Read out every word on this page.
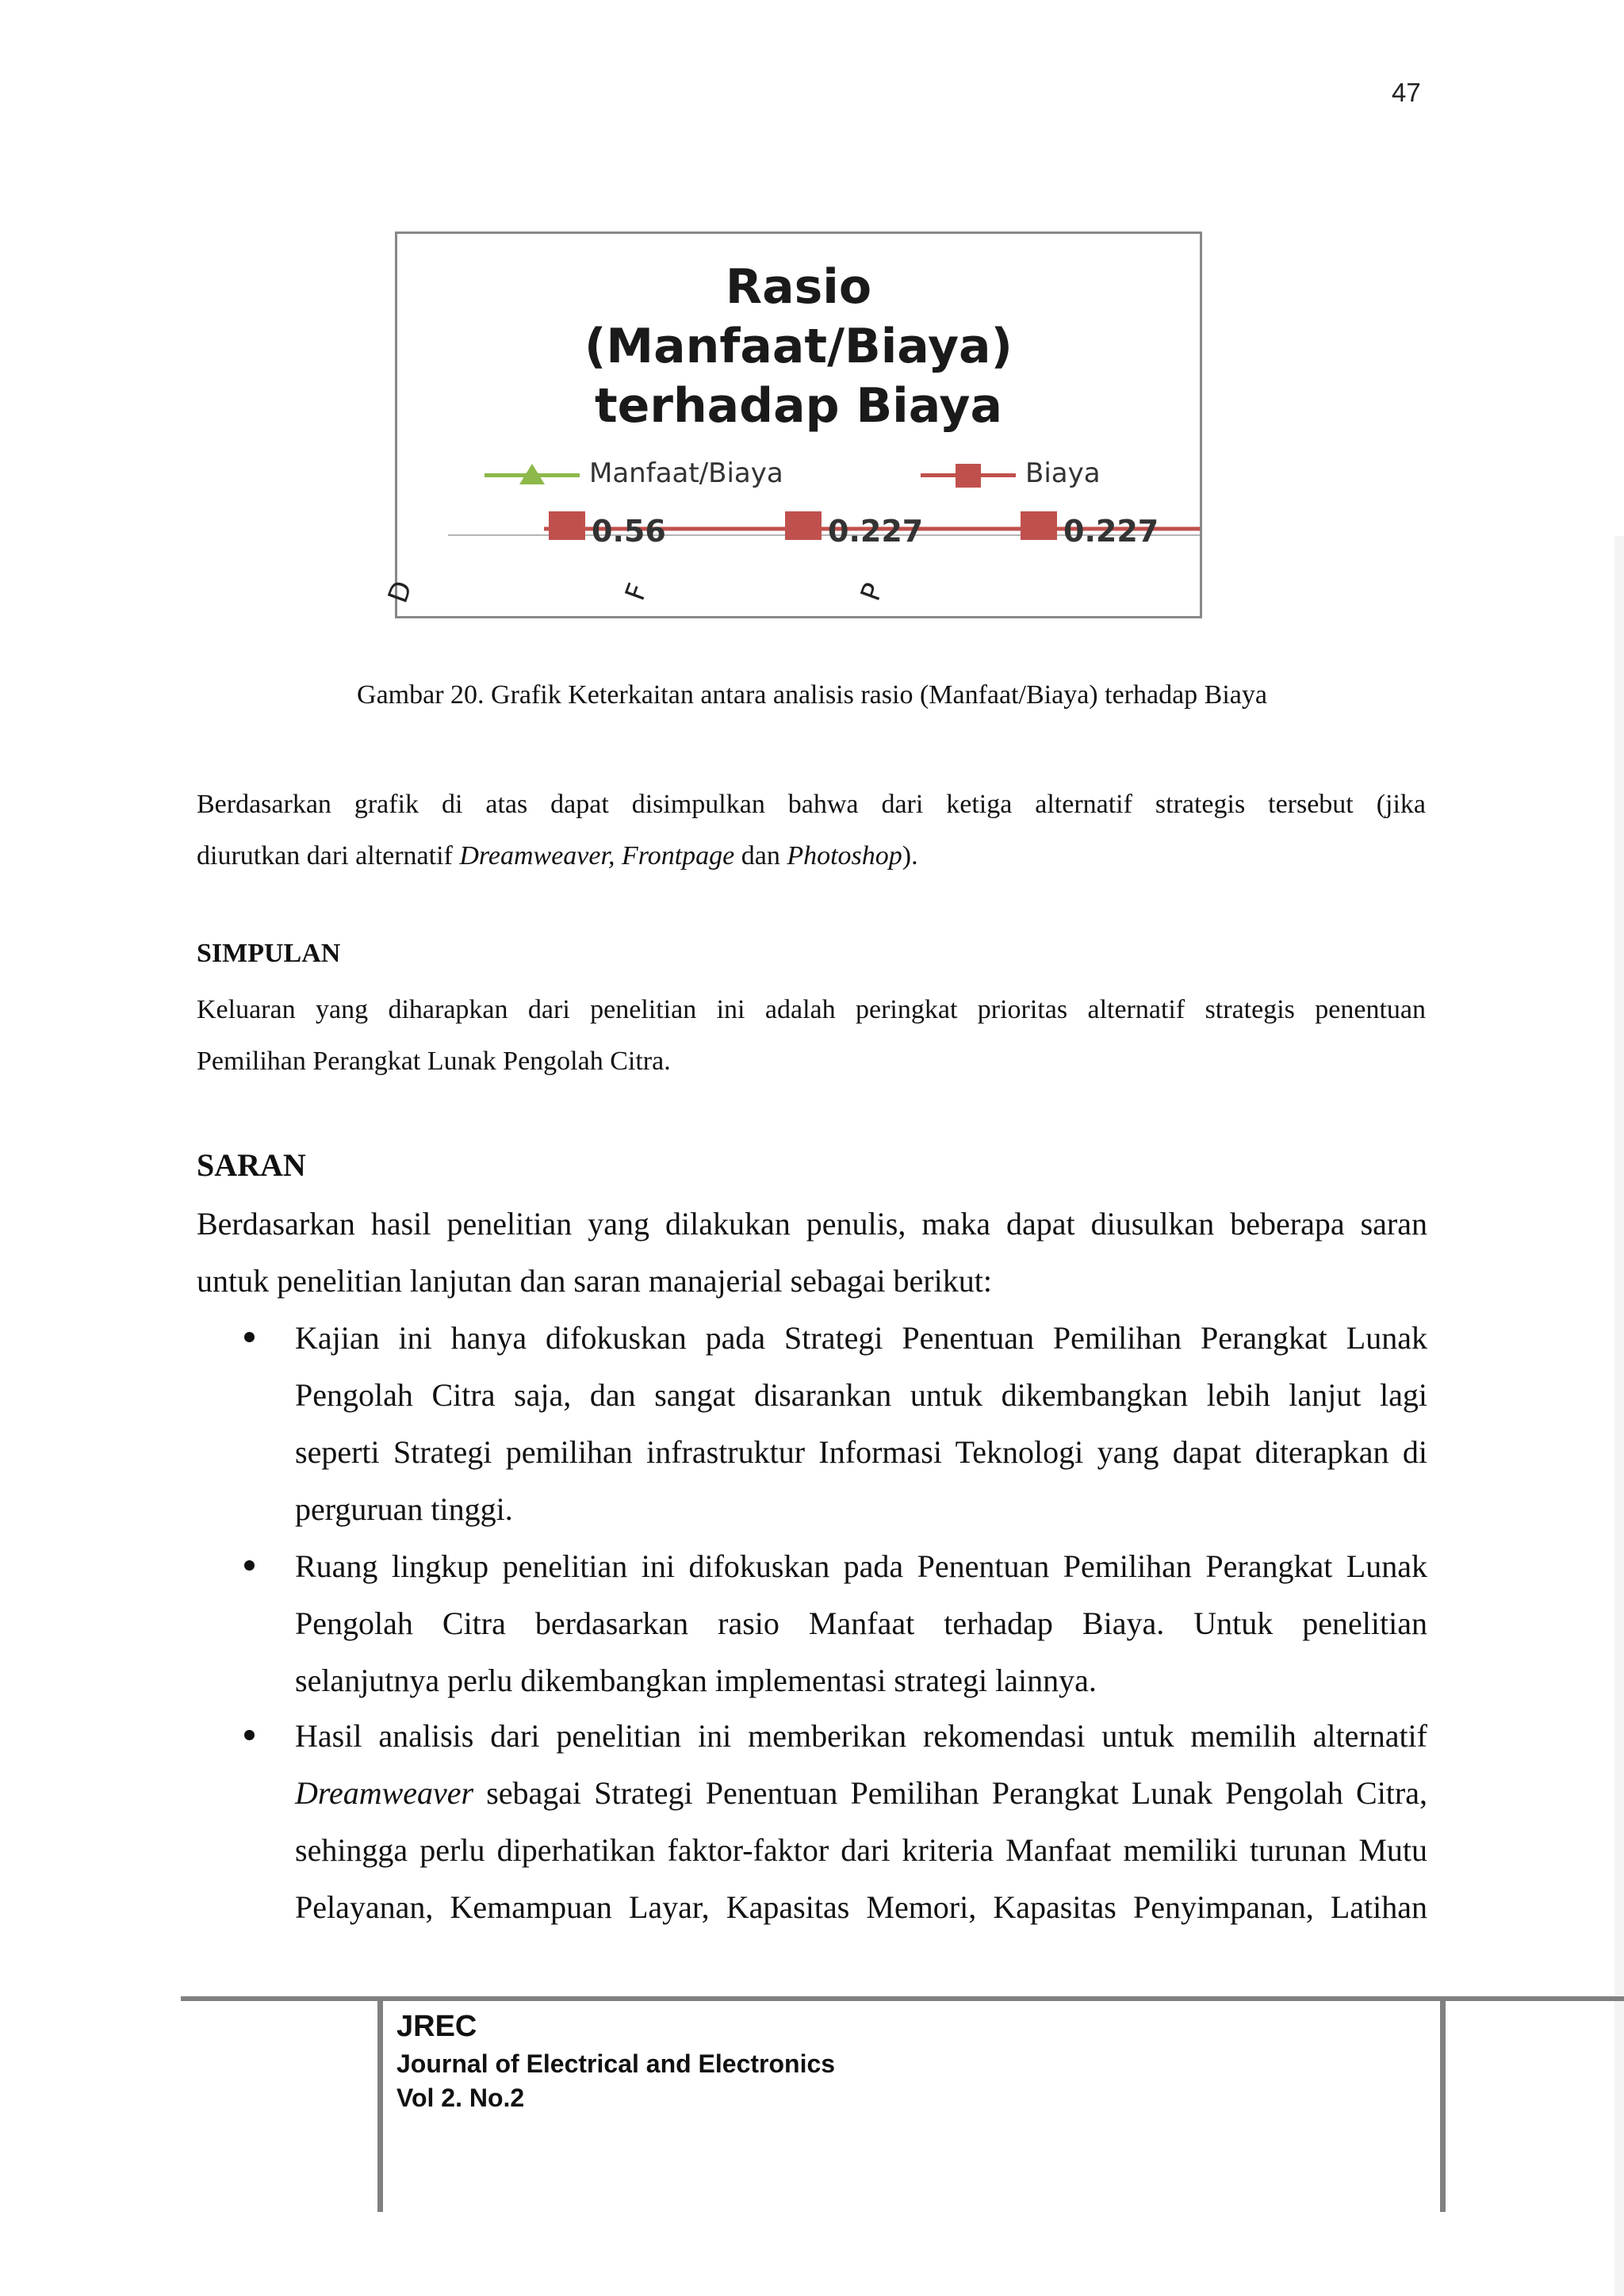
47
Rasio
(Manfaat/Biaya)
terhadap Biaya
Manfaat/Biaya	Biaya
0.56	0.227	0.227
D	F	P
Gambar 20. Grafik Keterkaitan antara analisis rasio (Manfaat/Biaya) terhadap Biaya
Berdasarkan grafik di atas dapat disimpulkan bahwa dari ketiga alternatif strategis tersebut (jika
diurutkan dari alternatif Dreamweaver, Frontpage dan Photoshop).
SIMPULAN
Keluaran yang diharapkan dari penelitian ini adalah peringkat prioritas alternatif strategis penentuan
Pemilihan Perangkat Lunak Pengolah Citra.
SARAN
Berdasarkan hasil penelitian yang dilakukan penulis, maka dapat diusulkan beberapa saran
untuk penelitian lanjutan dan saran manajerial sebagai berikut:
Kajian ini hanya difokuskan pada Strategi Penentuan Pemilihan Perangkat Lunak
Pengolah Citra saja, dan sangat disarankan untuk dikembangkan lebih lanjut lagi
seperti Strategi pemilihan infrastruktur Informasi Teknologi yang dapat diterapkan di
perguruan tinggi.
Ruang lingkup penelitian ini difokuskan pada Penentuan Pemilihan Perangkat Lunak
Pengolah Citra berdasarkan rasio Manfaat terhadap Biaya. Untuk penelitian
selanjutnya perlu dikembangkan implementasi strategi lainnya.
Hasil analisis dari penelitian ini memberikan rekomendasi untuk memilih alternatif
Dreamweaver sebagai Strategi Penentuan Pemilihan Perangkat Lunak Pengolah Citra,
sehingga perlu diperhatikan faktor-faktor dari kriteria Manfaat memiliki turunan Mutu
Pelayanan, Kemampuan Layar, Kapasitas Memori, Kapasitas Penyimpanan, Latihan
JREC
Journal of Electrical and Electronics
Vol 2. No.2
